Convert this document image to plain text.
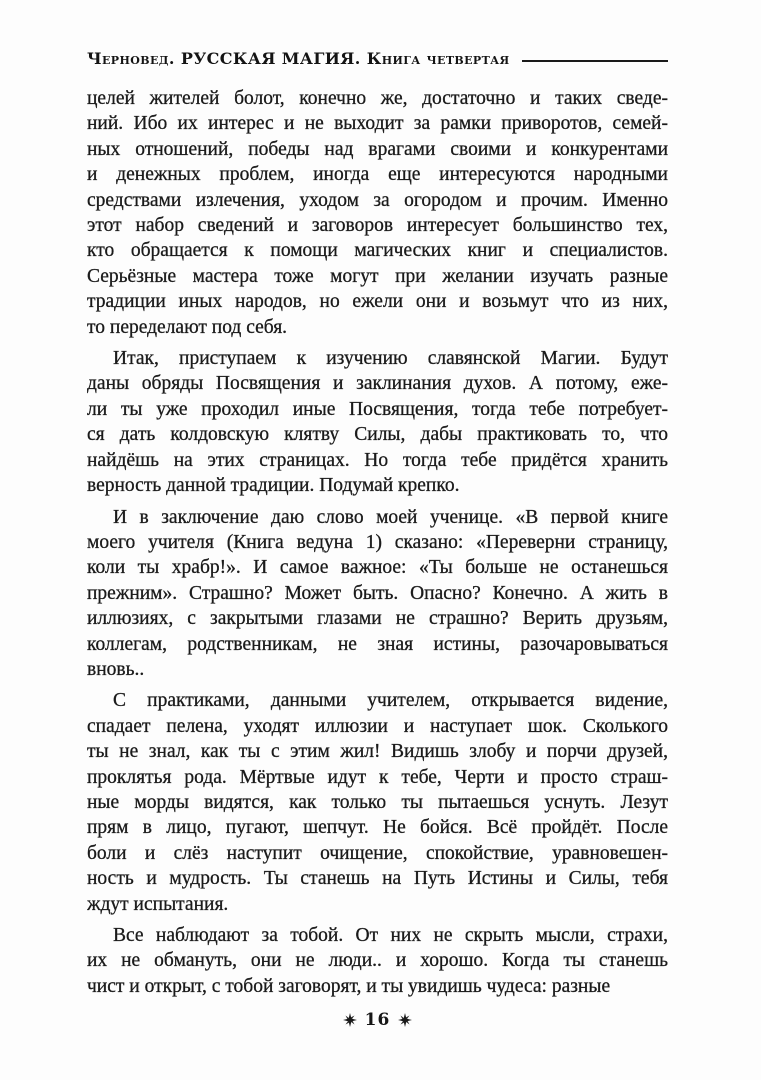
Черновед. РУССКАЯ МАГИЯ. Книга четвертая

целей жителей болот, конечно же, достаточно и таких сведе-
ний. Ибо их интерес и не выходит за рамки приворотов, семей-
ных отношений, победы над врагами своими и конкурентами
и денежных проблем, иногда еще интересуются народными
средствами излечения, уходом за огородом и прочим. Именно
этот набор сведений и заговоров интересует большинство тех,
кто обращается к помощи магических книг и специалистов.
Серьёзные мастера тоже могут при желании изучать разные
традиции иных народов, но ежели они и возьмут что из них,
то переделают под себя.

Итак, приступаем к изучению славянской Магии. Будут
даны обряды Посвящения и заклинания духов. А потому, еже-
ли ты уже проходил иные Посвящения, тогда тебе потребует-
ся дать колдовскую клятву Силы, дабы практиковать то, что
найдёшь на этих страницах. Но тогда тебе придётся хранить
верность данной традиции. Подумай крепко.

И в заключение даю слово моей ученице. «В первой книге
моего учителя (Книга ведуна 1) сказано: «Переверни страницу,
коли ты храбр!». И самое важное: «Ты больше не останешься
прежним». Страшно? Может быть. Опасно? Конечно. А жить в
иллюзиях, с закрытыми глазами не страшно? Верить друзьям,
коллегам, родственникам, не зная истины, разочаровываться
вновь..

С практиками, данными учителем, открывается видение,
спадает пелена, уходят иллюзии и наступает шок. Сколького
ты не знал, как ты с этим жил! Видишь злобу и порчи друзей,
проклятья рода. Мёртвые идут к тебе, Черти и просто страш-
ные морды видятся, как только ты пытаешься уснуть. Лезут
прям в лицо, пугают, шепчут. Не бойся. Всё пройдёт. После
боли и слёз наступит очищение, спокойствие, уравновешен-
ность и мудрость. Ты станешь на Путь Истины и Силы, тебя
ждут испытания.

Все наблюдают за тобой. От них не скрыть мысли, страхи,
их не обмануть, они не люди.. и хорошо. Когда ты станешь
чист и открыт, с тобой заговорят, и ты увидишь чудеса: разные

16
